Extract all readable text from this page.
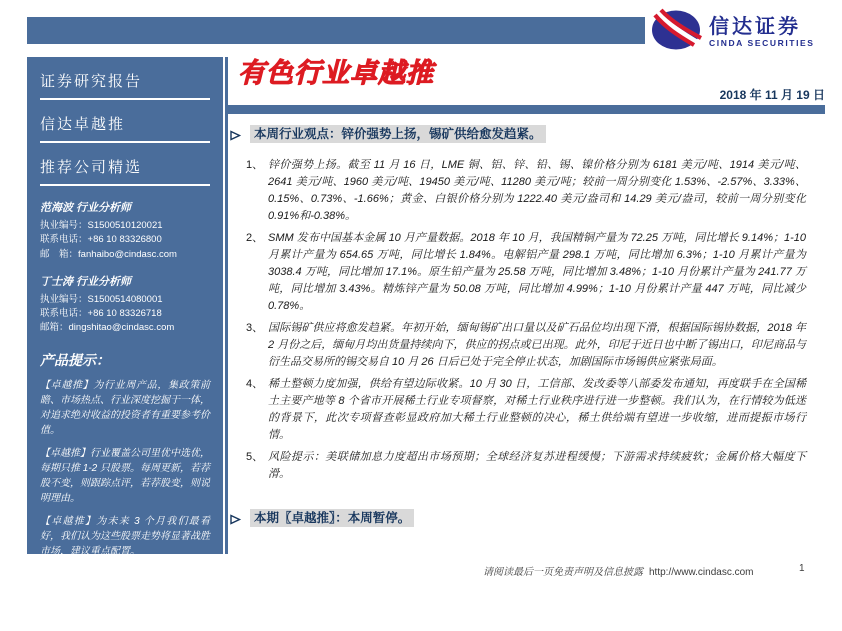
信达证券
CINDA SECURITIES
证券研究报告
信达卓越推
推荐公司精选
范海波 行业分析师
执业编号：S1500510120021
联系电话：+86 10 83326800
邮　箱：fanhaibo@cindasc.com
丁士涛 行业分析师
执业编号：S1500514080001
联系电话：+86 10 83326718
邮箱：dingshitao@cindasc.com
产品提示：
【卓越推】为行业周产品，集政策前瞻、市场热点、行业深度挖掘于一体，对追求绝对收益的投资者有重要参考价值。
【卓越推】行业覆盖公司里优中选优，每期只推 1-2 只股票。每周更新，若荐股不变，则跟踪点评，若荐股变，则说明理由。
【卓越推】为未来 3 个月我们最看好，我们认为这些股票走势将显著战胜市场，建议重点配置。
信达证券股份有限公司
CINDA SECURITIES CO.,LTD
北京市西城区闹市口大街 9 号院 1 号楼
邮编：100031
有色行业卓越推
2018 年 11 月 19 日
本周行业观点：锌价强势上扬，锡矿供给愈发趋紧。
1、 锌价强势上扬。截至 11 月 16 日，LME 铜、铝、锌、铅、锡、镍价格分别为 6181 美元/吨、1914 美元/吨、2641 美元/吨、1960 美元/吨、19450 美元/吨、11280 美元/吨；较前一周分别变化 1.53%、-2.57%、3.33%、0.15%、0.73%、-1.66%；黄金、白银价格分别为 1222.40 美元/盎司和 14.29 美元/盎司，较前一周分别变化 0.91%和-0.38%。
2、 SMM 发布中国基本金属 10 月产量数据。2018 年 10 月，我国精铜产量为 72.25 万吨，同比增长 9.14%；1-10 月累计产量为 654.65 万吨，同比增长 1.84%。电解铝产量 298.1 万吨，同比增加 6.3%；1-10 月累计产量为 3038.4 万吨，同比增加 17.1%。原生铅产量为 25.58 万吨，同比增加 3.48%；1-10 月份累计产量为 241.77 万吨，同比增加 3.43%。精炼锌产量为 50.08 万吨，同比增加 4.99%；1-10 月份累计产量 447 万吨，同比减少 0.78%。
3、 国际锡矿供应将愈发趋紧。年初开始，缅甸锡矿出口量以及矿石品位均出现下滑，根据国际锡协数据，2018 年 2 月份之后，缅甸月均出货量持续向下，供应的拐点或已出现。此外，印尼于近日也中断了锡出口，印尼商品与衍生品交易所的锡交易自 10 月 26 日后已处于完全停止状态，加剧国际市场锡供应紧张局面。
4、 稀土整顿力度加强，供给有望边际收紧。10 月 30 日，工信部、发改委等八部委发布通知，再度联手在全国稀土主要产地等 8 个省市开展稀土行业专项督察，对稀土行业秩序进行进一步整顿。我们认为，在行情较为低迷的背景下，此次专项督查彰显政府加大稀土行业整顿的决心，稀土供给端有望进一步收缩，进而提振市场行情。
5、 风险提示：美联储加息力度超出市场预期；全球经济复苏进程缓慢；下游需求持续疲软；金属价格大幅度下滑。
本期〖卓越推〗：本周暂停。
请阅读最后一页免责声明及信息披露 http://www.cindasc.com	1
